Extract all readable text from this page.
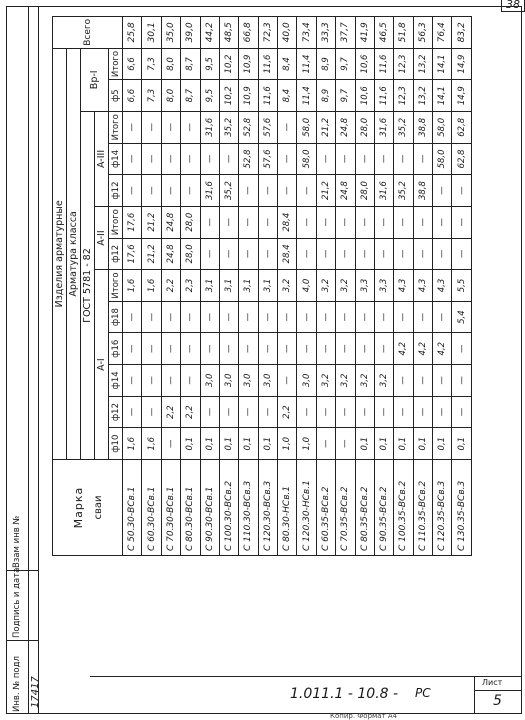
38
Инв. № подл
Подпись и дата
Взам инв №
17417	1.011.1 - 10.8 - PC
Лист
5
Копир. Формат А4
Марка сваи	Изделия арматурные													Всего
	Арматура класса													
	ГОСТ 5781 - 82											Bp-I		

	A-I						A-II		A-III					
	ф10	ф12	ф14	ф16	ф18	Итого	ф12	Итого	ф12	ф14	Итого	ф5	Итого	
С 50.30-ВСв.1	1,6	—	—	—	—	1,6	17,6	17,6	—	—	—	6,6	6,6	25,8
С 60.30-ВСв.1	1,6	—	—	—	—	1,6	21,2	21,2	—	—	—	7,3	7,3	30,1
С 70.30-ВСв.1	—	2,2	—	—	—	2,2	24,8	24,8	—	—	—	8,0	8,0	35,0
С 80.30-ВСв.1	0,1	2,2	—	—	—	2,3	28,0	28,0	—	—	—	8,7	8,7	39,0
С 90.30-ВСв.1	0,1	—	3,0	—	—	3,1	—	—	31,6	—	31,6	9,5	9,5	44,2
С 100.30-ВСв.2	0,1	—	3,0	—	—	3,1	—	—	35,2	—	35,2	10,2	10,2	48,5
С 110.30-ВСв.3	0,1	—	3,0	—	—	3,1	—	—	—	52,8	52,8	10,9	10,9	66,8
С 120.30-ВСв.3	0,1	—	3,0	—	—	3,1	—	—	—	57,6	57,6	11,6	11,6	72,3
С 80.30-НСв.1	1,0	2,2	—	—	—	3,2	28,4	28,4	—	—	—	8,4	8,4	40,0
С 120.30-НСв.1	1,0	—	3,0	—	—	4,0	—	—	—	58,0	58,0	11,4	11,4	73,4
С 60.35-ВСв.2	—	—	3,2	—	—	3,2	—	—	21,2	—	21,2	8,9	8,9	33,3
С 70.35-ВСв.2	—	—	3,2	—	—	3,2	—	—	24,8	—	24,8	9,7	9,7	37,7
С 80.35-ВСв.2	0,1	—	3,2	—	—	3,3	—	—	28,0	—	28,0	10,6	10,6	41,9
С 90.35-ВСв.2	0,1	—	3,2	—	—	3,3	—	—	31,6	—	31,6	11,6	11,6	46,5
С 100.35-ВСв.2	0,1	—	—	4,2	—	4,3	—	—	35,2	—	35,2	12,3	12,3	51,8
С 110.35-ВСв.2	0,1	—	—	4,2	—	4,3	—	—	38,8	—	38,8	13,2	13,2	56,3
С 120.35-ВСв.3	0,1	—	—	4,2	—	4,3	—	—	—	58,0	58,0	14,1	14,1	76,4
С 130.35-ВСв.3	0,1	—	—	—	5,4	5,5	—	—	—	62,8	62,8	14,9	14,9	83,2
